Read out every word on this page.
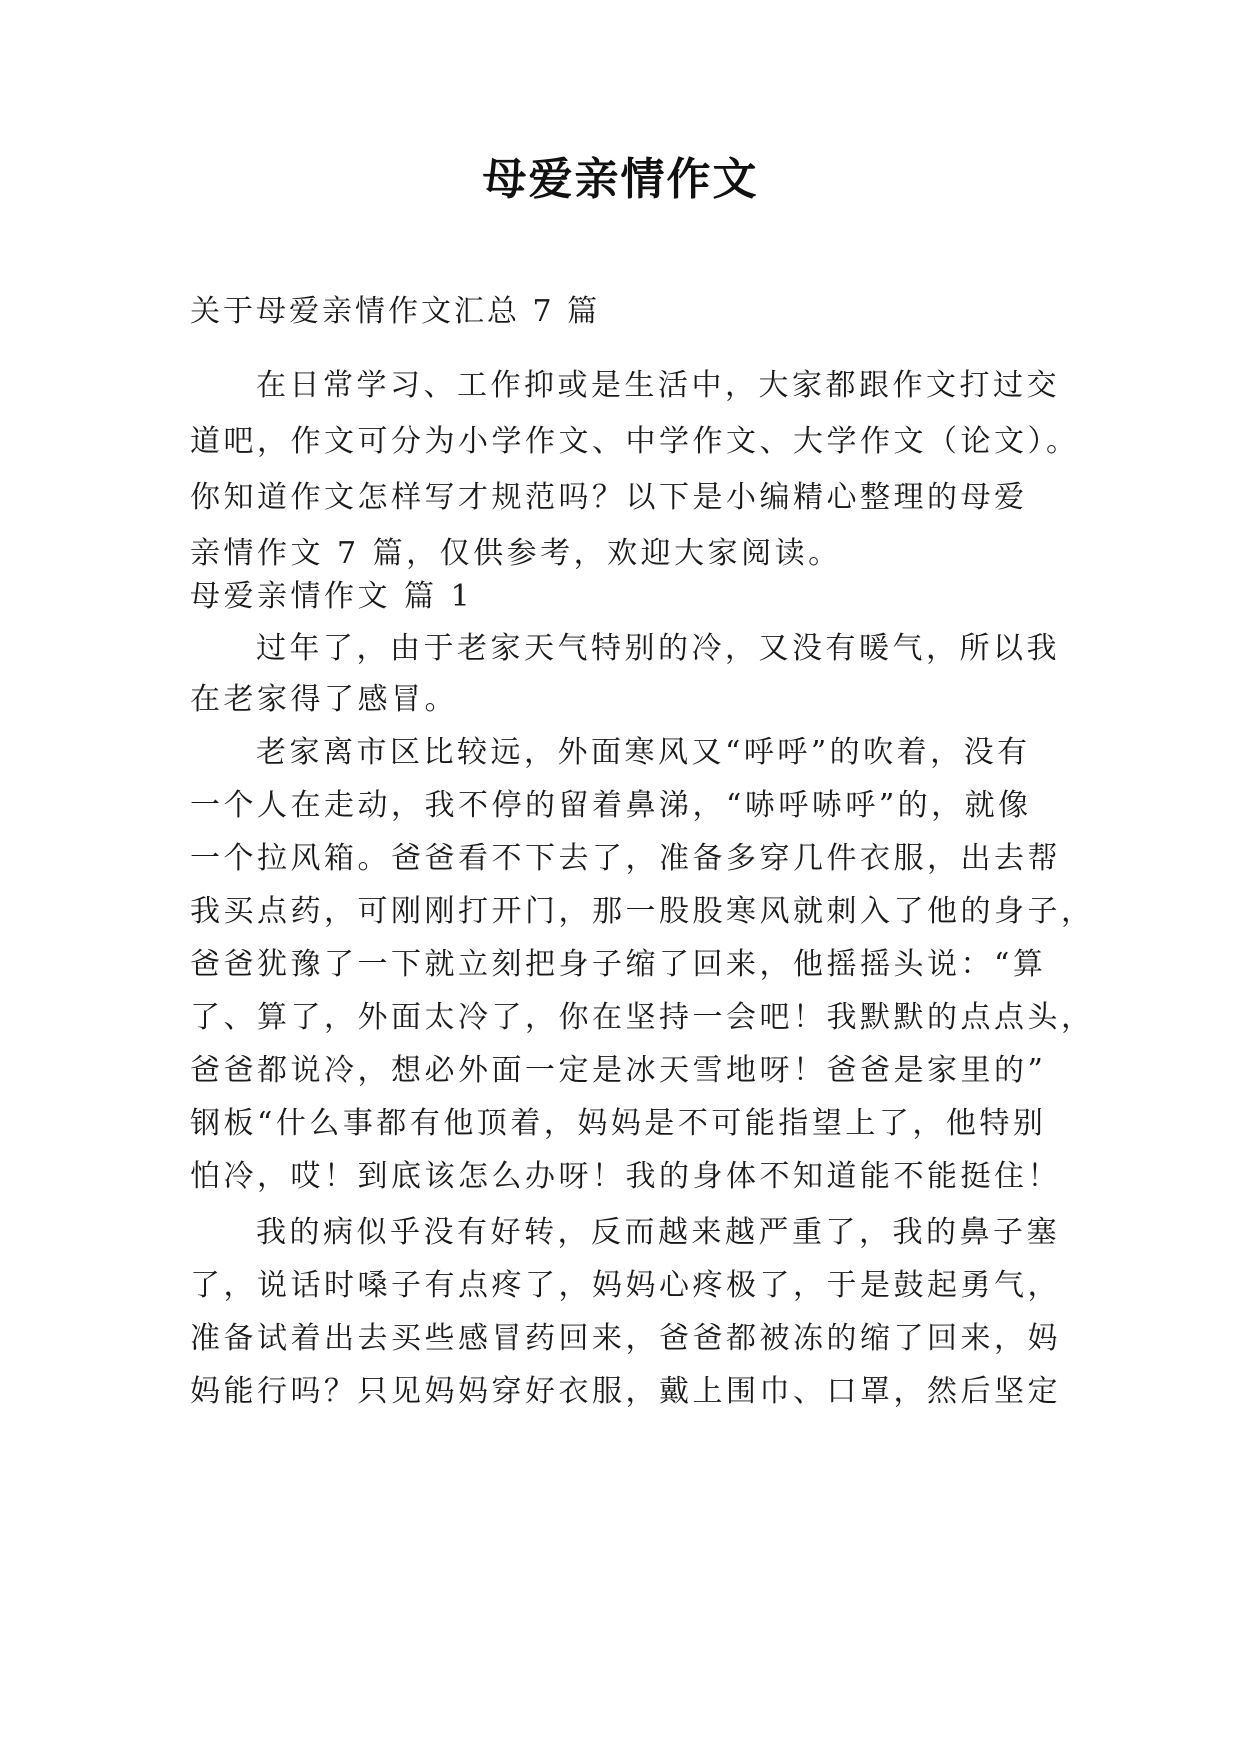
母爱亲情作文
关于母爱亲情作文汇总 7 篇
在日常学习、工作抑或是生活中，大家都跟作文打过交
道吧，作文可分为小学作文、中学作文、大学作文（论文）。
你知道作文怎样写才规范吗？以下是小编精心整理的母爱
亲情作文 7 篇，仅供参考，欢迎大家阅读。
母爱亲情作文 篇 1
过年了，由于老家天气特别的冷，又没有暖气，所以我
在老家得了感冒。
老家离市区比较远，外面寒风又“呼呼”的吹着，没有
一个人在走动，我不停的留着鼻涕，“哧呼哧呼”的，就像
一个拉风箱。爸爸看不下去了，准备多穿几件衣服，出去帮
我买点药，可刚刚打开门，那一股股寒风就刺入了他的身子，
爸爸犹豫了一下就立刻把身子缩了回来，他摇摇头说：“算
了、算了，外面太冷了，你在坚持一会吧！我默默的点点头，
爸爸都说冷，想必外面一定是冰天雪地呀！爸爸是家里的”
钢板“什么事都有他顶着，妈妈是不可能指望上了，他特别
怕冷，哎！到底该怎么办呀！我的身体不知道能不能挺住！
我的病似乎没有好转，反而越来越严重了，我的鼻子塞
了，说话时嗓子有点疼了，妈妈心疼极了，于是鼓起勇气，
准备试着出去买些感冒药回来，爸爸都被冻的缩了回来，妈
妈能行吗？只见妈妈穿好衣服，戴上围巾、口罩，然后坚定
